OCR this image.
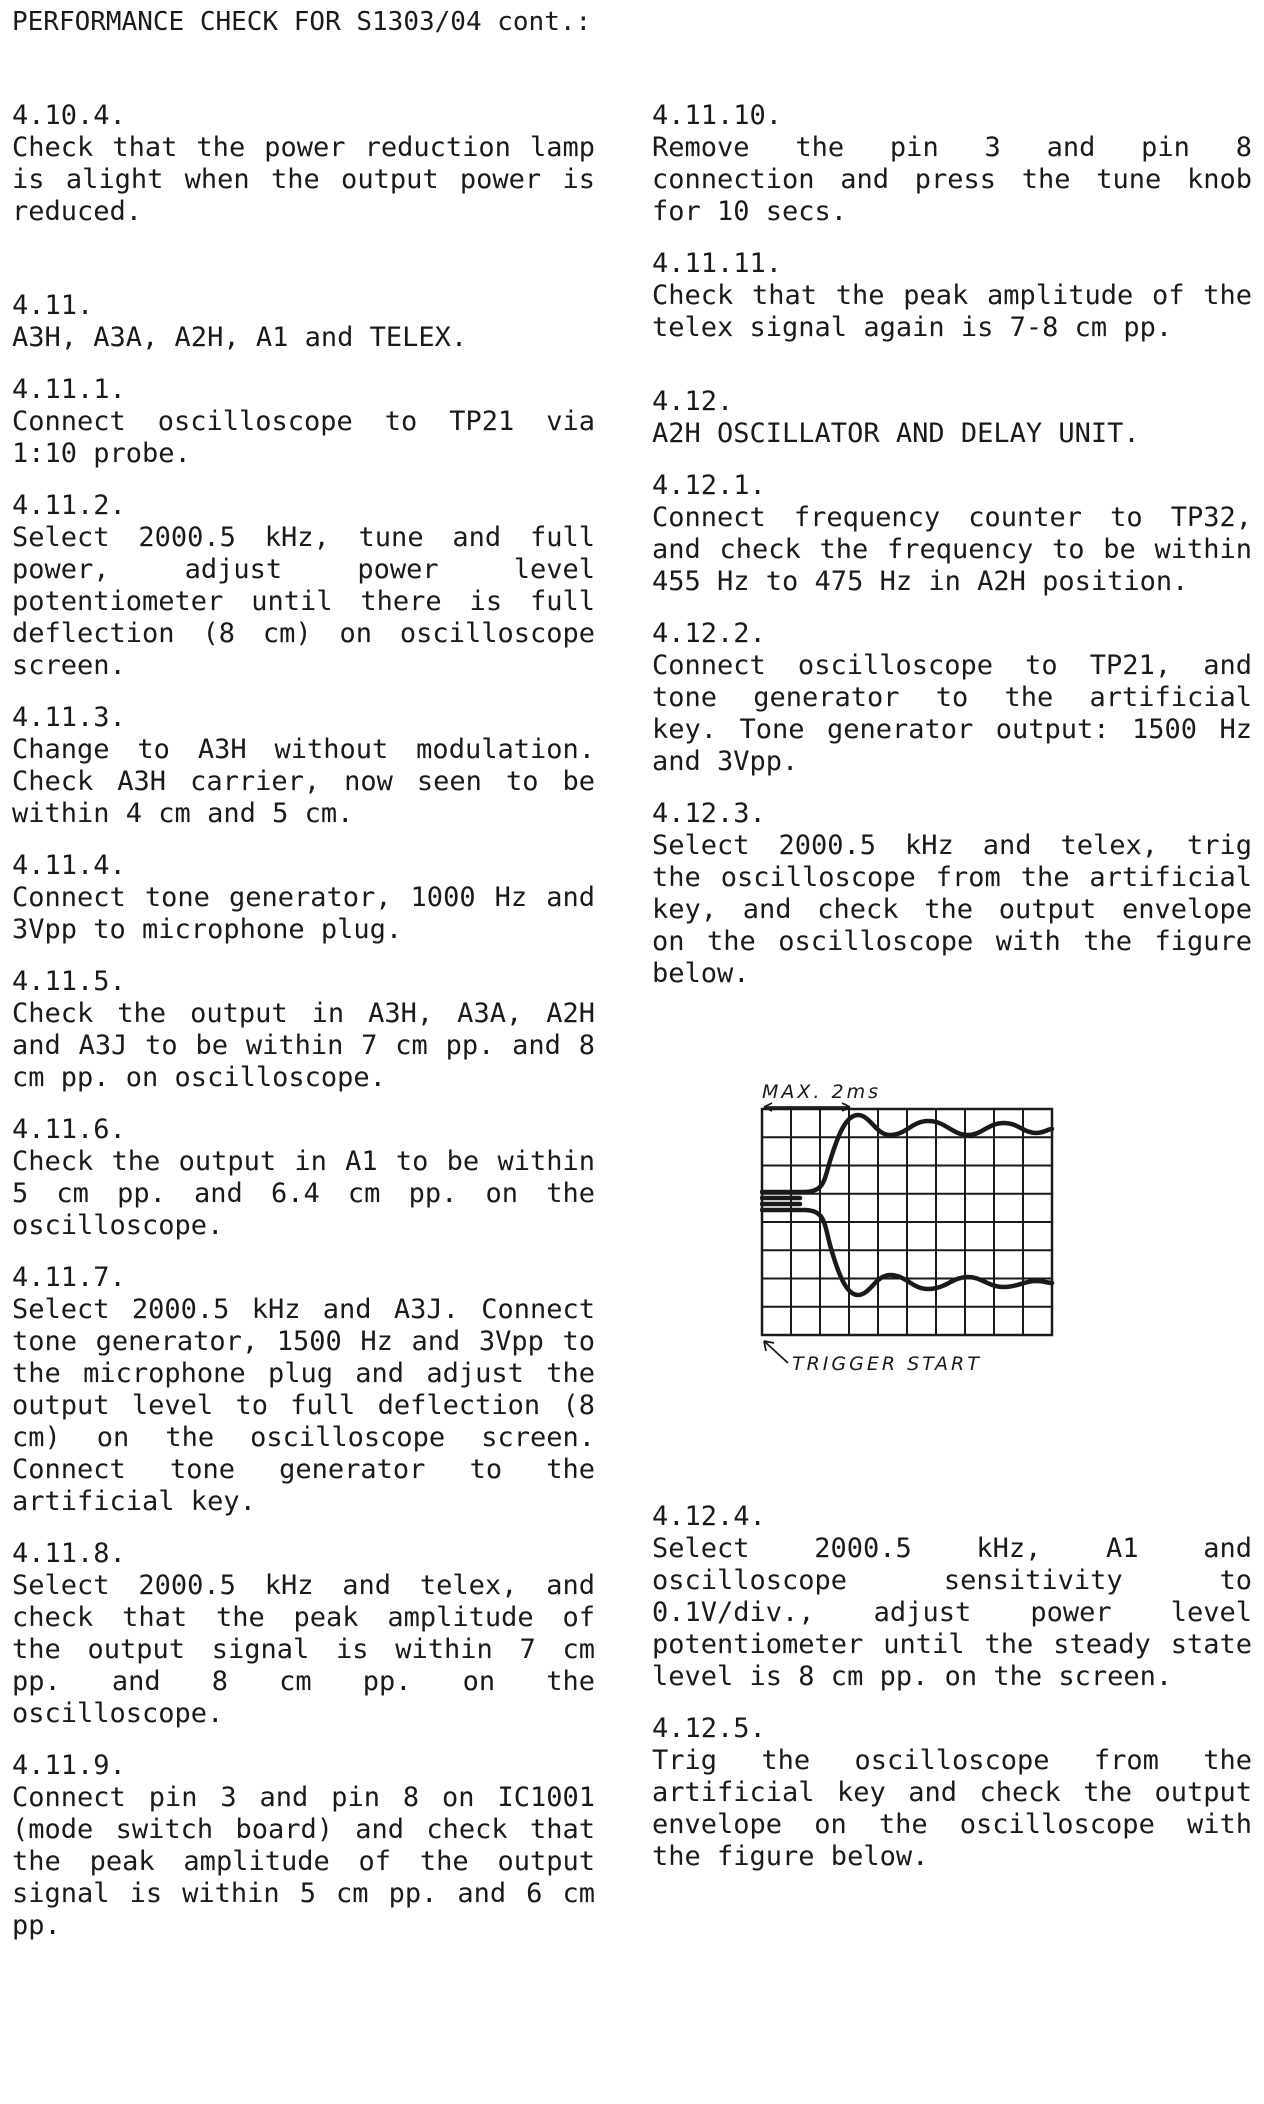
PERFORMANCE CHECK FOR S1303/04 cont.:

4.10.4.

Check that the power reduction lamp is alight when the output power is reduced.

4.11.

A3H, A3A, A2H, A1 and TELEX.

4.11.1.

Connect oscilloscope to TP21 via 1:10 probe.

4.11.2.

Select 2000.5 kHz, tune and full power, adjust power level potentiometer until there is full deflection (8 cm) on oscilloscope screen.

4.11.3.

Change to A3H without modulation. Check A3H carrier, now seen to be within 4 cm and 5 cm.

4.11.4.

Connect tone generator, 1000 Hz and 3Vpp to microphone plug.

4.11.5.

Check the output in A3H, A3A, A2H and A3J to be within 7 cm pp. and 8 cm pp. on oscilloscope.

4.11.6.

Check the output in A1 to be within 5 cm pp. and 6.4 cm pp. on the oscilloscope.

4.11.7.

Select 2000.5 kHz and A3J. Connect tone generator, 1500 Hz and 3Vpp to the microphone plug and adjust the output level to full deflection (8 cm) on the oscilloscope screen. Connect tone generator to the artificial key.

4.11.8.

Select 2000.5 kHz and telex, and check that the peak amplitude of the output signal is within 7 cm pp. and 8 cm pp. on the oscilloscope.

4.11.9.

Connect pin 3 and pin 8 on IC1001 (mode switch board) and check that the peak amplitude of the output signal is within 5 cm pp. and 6 cm pp.

4.11.10.

Remove the pin 3 and pin 8 connection and press the tune knob for 10 secs.

4.11.11.

Check that the peak amplitude of the telex signal again is 7-8 cm pp.

4.12.

A2H OSCILLATOR AND DELAY UNIT.

4.12.1.

Connect frequency counter to TP32, and check the frequency to be within 455 Hz to 475 Hz in A2H position.

4.12.2.

Connect oscilloscope to TP21, and tone generator to the artificial key. Tone generator output: 1500 Hz and 3Vpp.

4.12.3.

Select 2000.5 kHz and telex, trig the oscilloscope from the artificial key, and check the output envelope on the oscilloscope with the figure below.

MAX. 2ms
TRIGGER START

4.12.4.

Select 2000.5 kHz, A1 and oscilloscope sensitivity to 0.1V/div., adjust power level potentiometer until the steady state level is 8 cm pp. on the screen.

4.12.5.

Trig the oscilloscope from the artificial key and check the output envelope on the oscilloscope with the figure below.
